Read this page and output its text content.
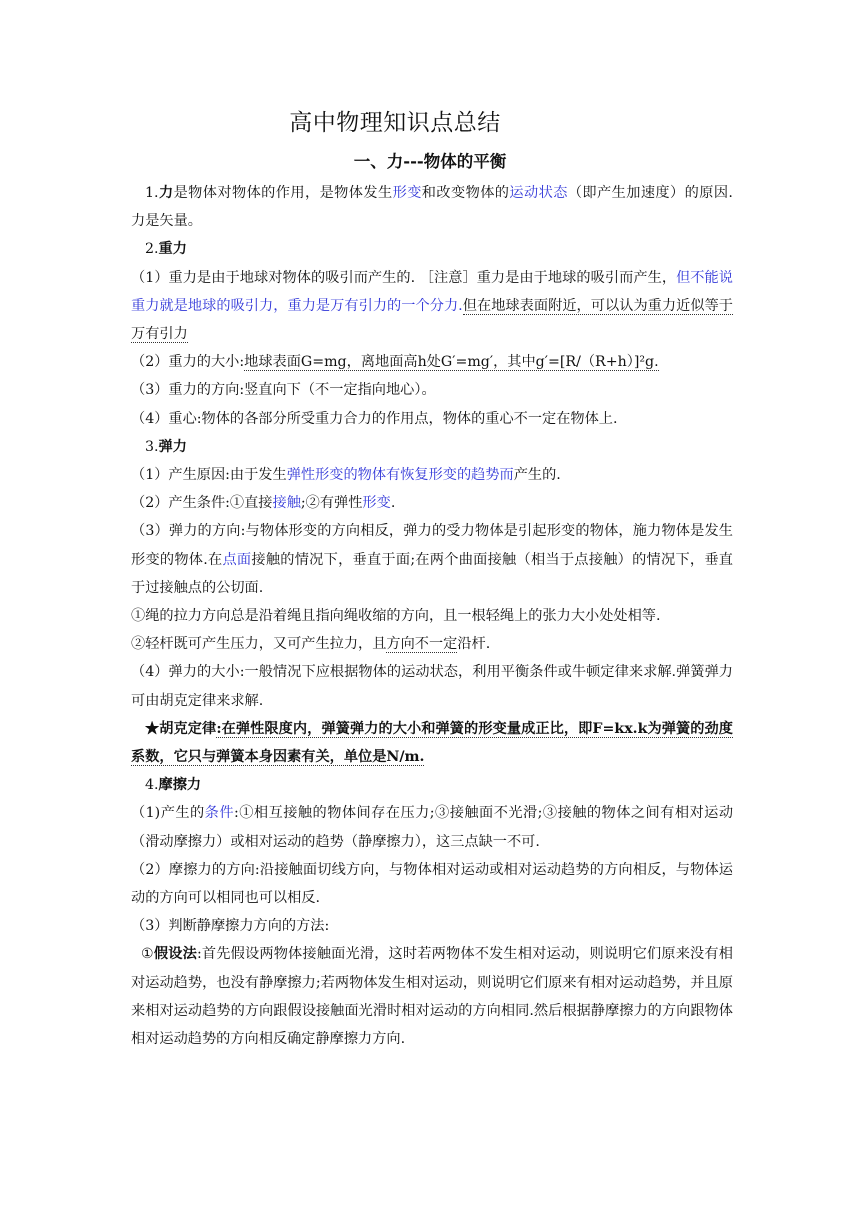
高中物理知识点总结
一、力---物体的平衡

1.力是物体对物体的作用，是物体发生形变和改变物体的运动状态（即产生加速度）的原因. 力是矢量。

2.重力

（1）重力是由于地球对物体的吸引而产生的. ［注意］重力是由于地球的吸引而产生，但不能说重力就是地球的吸引力，重力是万有引力的一个分力.但在地球表面附近，可以认为重力近似等于万有引力

（2）重力的大小:地球表面G=mg，离地面高h处G′=mg′，其中g′=[R/（R+h）]²g.

（3）重力的方向:竖直向下（不一定指向地心）。

（4）重心:物体的各部分所受重力合力的作用点，物体的重心不一定在物体上.

3.弹力

（1）产生原因:由于发生弹性形变的物体有恢复形变的趋势而产生的.

（2）产生条件:①直接接触;②有弹性形变.

（3）弹力的方向:与物体形变的方向相反，弹力的受力物体是引起形变的物体，施力物体是发生形变的物体.在点面接触的情况下，垂直于面;在两个曲面接触（相当于点接触）的情况下，垂直于过接触点的公切面.

①绳的拉力方向总是沿着绳且指向绳收缩的方向，且一根轻绳上的张力大小处处相等.

②轻杆既可产生压力，又可产生拉力，且方向不一定沿杆.

（4）弹力的大小:一般情况下应根据物体的运动状态，利用平衡条件或牛顿定律来求解.弹簧弹力可由胡克定律来求解.

★胡克定律:在弹性限度内，弹簧弹力的大小和弹簧的形变量成正比，即F=kx.k为弹簧的劲度系数，它只与弹簧本身因素有关，单位是N/m.

4.摩擦力

（1)产生的条件:①相互接触的物体间存在压力;③接触面不光滑;③接触的物体之间有相对运动（滑动摩擦力）或相对运动的趋势（静摩擦力），这三点缺一不可.

（2）摩擦力的方向:沿接触面切线方向，与物体相对运动或相对运动趋势的方向相反，与物体运动的方向可以相同也可以相反.

（3）判断静摩擦力方向的方法:

①假设法:首先假设两物体接触面光滑，这时若两物体不发生相对运动，则说明它们原来没有相对运动趋势，也没有静摩擦力;若两物体发生相对运动，则说明它们原来有相对运动趋势，并且原来相对运动趋势的方向跟假设接触面光滑时相对运动的方向相同.然后根据静摩擦力的方向跟物体相对运动趋势的方向相反确定静摩擦力方向.
